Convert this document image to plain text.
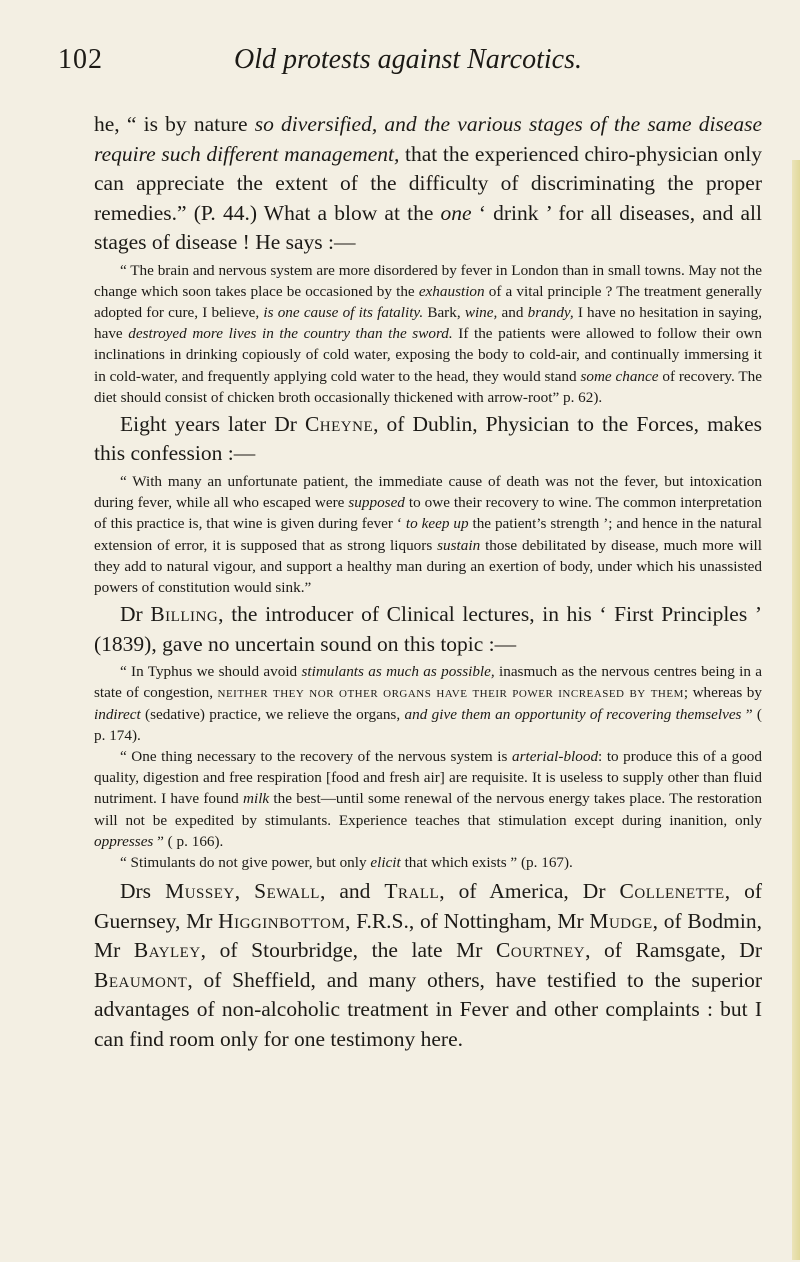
102	Old protests against Narcotics.

he, “ is by nature so diversified, and the various stages of the same disease require such different management, that the experienced chiro-physician only can appreciate the extent of the difficulty of discriminating the proper remedies.” (P. 44.) What a blow at the one ‘ drink ’ for all diseases, and all stages of disease ! He says :—

“ The brain and nervous system are more disordered by fever in London than in small towns. May not the change which soon takes place be occasioned by the exhaustion of a vital principle ? The treatment generally adopted for cure, I believe, is one cause of its fatality. Bark, wine, and brandy, I have no hesitation in saying, have destroyed more lives in the country than the sword. If the patients were allowed to follow their own inclinations in drinking copiously of cold water, exposing the body to cold-air, and continually immersing it in cold-water, and frequently applying cold water to the head, they would stand some chance of recovery. The diet should consist of chicken broth occasionally thickened with arrow-root” p. 62).

Eight years later Dr Cheyne, of Dublin, Physician to the Forces, makes this confession :—

“ With many an unfortunate patient, the immediate cause of death was not the fever, but intoxication during fever, while all who escaped were supposed to owe their recovery to wine. The common interpretation of this practice is, that wine is given during fever ‘ to keep up the patient’s strength ’; and hence in the natural extension of error, it is supposed that as strong liquors sustain those debilitated by disease, much more will they add to natural vigour, and support a healthy man during an exertion of body, under which his unassisted powers of constitution would sink.”

Dr Billing, the introducer of Clinical lectures, in his ‘ First Principles ’ (1839), gave no uncertain sound on this topic :—

“ In Typhus we should avoid stimulants as much as possible, inasmuch as the nervous centres being in a state of congestion, neither they nor other organs have their power increased by them; whereas by indirect (sedative) practice, we relieve the organs, and give them an opportunity of recovering themselves ” ( p. 174).

“ One thing necessary to the recovery of the nervous system is arterial-blood: to produce this of a good quality, digestion and free respiration [food and fresh air] are requisite. It is useless to supply other than fluid nutriment. I have found milk the best—until some renewal of the nervous energy takes place. The restoration will not be expedited by stimulants. Experience teaches that stimulation except during inanition, only oppresses ” ( p. 166).

“ Stimulants do not give power, but only elicit that which exists ” (p. 167).

Drs Mussey, Sewall, and Trall, of America, Dr Collenette, of Guernsey, Mr Higginbottom, F.R.S., of Nottingham, Mr Mudge, of Bodmin, Mr Bayley, of Stourbridge, the late Mr Courtney, of Ramsgate, Dr Beaumont, of Sheffield, and many others, have testified to the superior advantages of non-alcoholic treatment in Fever and other complaints : but I can find room only for one testimony here.
